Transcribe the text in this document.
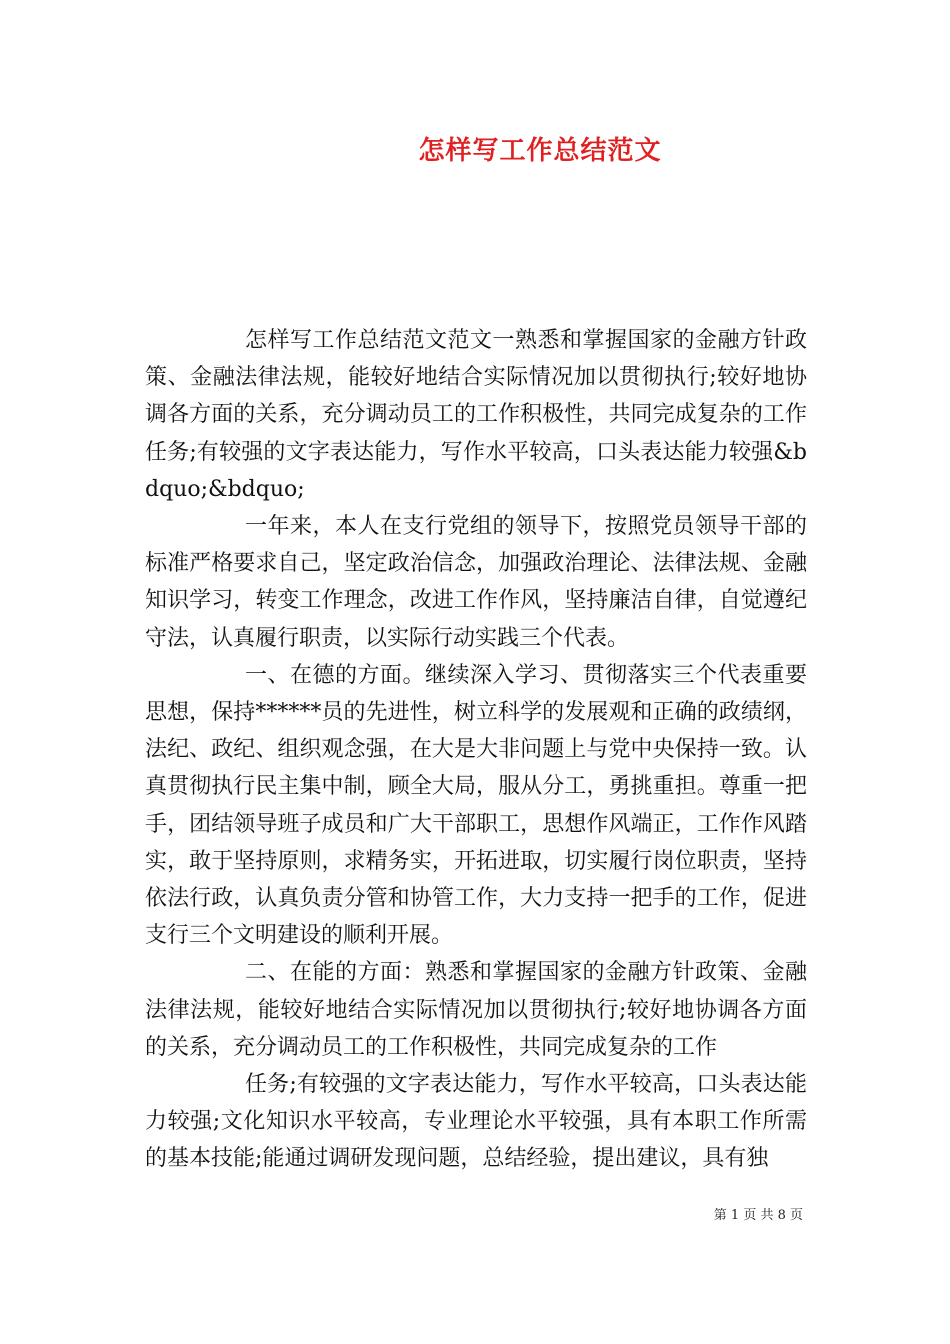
怎样写工作总结范文

怎样写工作总结范文范文一熟悉和掌握国家的金融方针政策、金融法律法规，能较好地结合实际情况加以贯彻执行;较好地协调各方面的关系，充分调动员工的工作积极性，共同完成复杂的工作任务;有较强的文字表达能力，写作水平较高，口头表达能力较强&bdquo;&bdquo;

一年来，本人在支行党组的领导下，按照党员领导干部的标准严格要求自己，坚定政治信念，加强政治理论、法律法规、金融知识学习，转变工作理念，改进工作作风，坚持廉洁自律，自觉遵纪守法，认真履行职责，以实际行动实践三个代表。

一、在德的方面。继续深入学习、贯彻落实三个代表重要思想，保持******员的先进性，树立科学的发展观和正确的政绩纲，法纪、政纪、组织观念强，在大是大非问题上与党中央保持一致。认真贯彻执行民主集中制，顾全大局，服从分工，勇挑重担。尊重一把手，团结领导班子成员和广大干部职工，思想作风端正，工作作风踏实，敢于坚持原则，求精务实，开拓进取，切实履行岗位职责，坚持依法行政，认真负责分管和协管工作，大力支持一把手的工作，促进支行三个文明建设的顺利开展。

二、在能的方面：熟悉和掌握国家的金融方针政策、金融法律法规，能较好地结合实际情况加以贯彻执行;较好地协调各方面的关系，充分调动员工的工作积极性，共同完成复杂的工作

任务;有较强的文字表达能力，写作水平较高，口头表达能力较强;文化知识水平较高，专业理论水平较强，具有本职工作所需的基本技能;能通过调研发现问题，总结经验，提出建议，具有独

第 1 页 共 8 页
